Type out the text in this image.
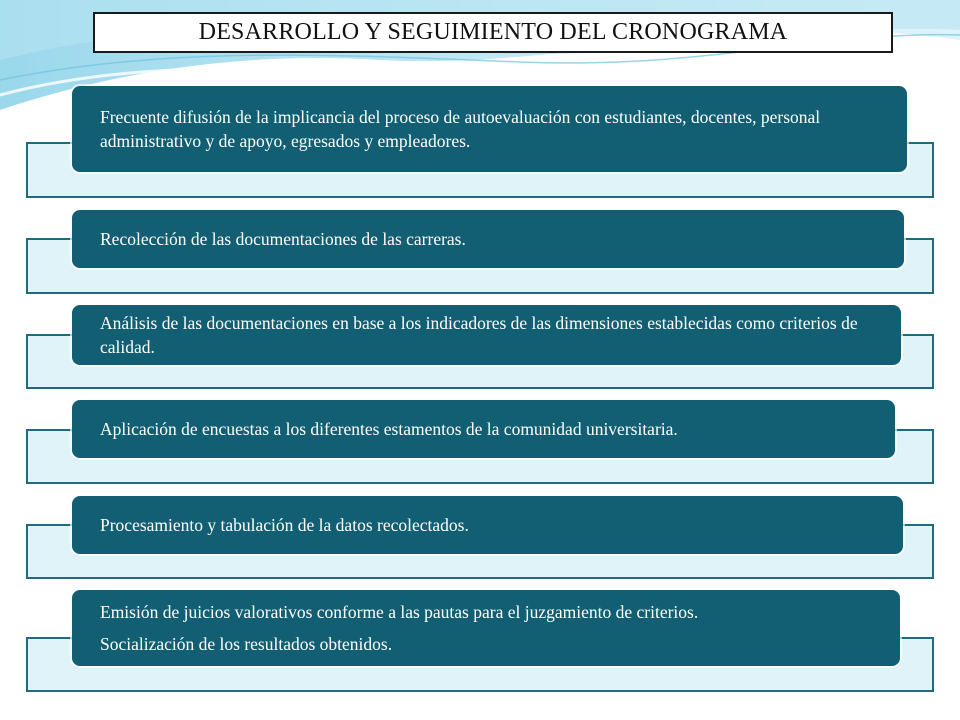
DESARROLLO Y SEGUIMIENTO DEL CRONOGRAMA

Frecuente difusión de la implicancia del proceso de autoevaluación con estudiantes, docentes, personal administrativo y de apoyo, egresados y empleadores.

Recolección de las documentaciones de las carreras.

Análisis de las documentaciones en base a los indicadores de las dimensiones establecidas como criterios de calidad.

Aplicación de encuestas a los diferentes estamentos de la comunidad universitaria.

Procesamiento y tabulación de la datos recolectados.

Emisión de juicios valorativos conforme a las pautas para el juzgamiento de criterios.

Socialización de los resultados obtenidos.
